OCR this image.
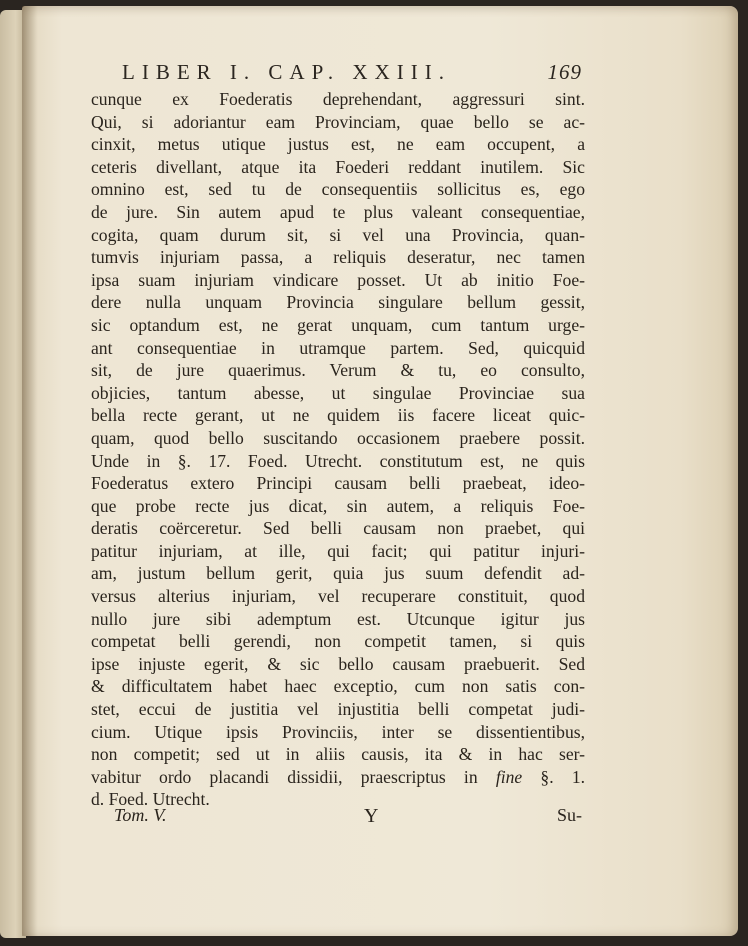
LIBER I. CAP. XXIII.	169
cunque ex Foederatis deprehendant, aggressuri sint.
Qui, si adoriantur eam Provinciam, quae bello se ac-
cinxit, metus utique justus est, ne eam occupent, a
ceteris divellant, atque ita Foederi reddant inutilem. Sic
omnino est, sed tu de consequentiis sollicitus es, ego
de jure. Sin autem apud te plus valeant consequentiae,
cogita, quam durum sit, si vel una Provincia, quan-
tumvis injuriam passa, a reliquis deseratur, nec tamen
ipsa suam injuriam vindicare posset. Ut ab initio Foe-
dere nulla unquam Provincia singulare bellum gessit,
sic optandum est, ne gerat unquam, cum tantum urge-
ant consequentiae in utramque partem. Sed, quicquid
sit, de jure quaerimus. Verum & tu, eo consulto,
objicies, tantum abesse, ut singulae Provinciae sua
bella recte gerant, ut ne quidem iis facere liceat quic-
quam, quod bello suscitando occasionem praebere possit.
Unde in §. 17. Foed. Utrecht. constitutum est, ne quis
Foederatus extero Principi causam belli praebeat, ideo-
que probe recte jus dicat, sin autem, a reliquis Foe-
deratis coërceretur. Sed belli causam non praebet, qui
patitur injuriam, at ille, qui facit; qui patitur injuri-
am, justum bellum gerit, quia jus suum defendit ad-
versus alterius injuriam, vel recuperare constituit, quod
nullo jure sibi ademptum est. Utcunque igitur jus
competat belli gerendi, non competit tamen, si quis
ipse injuste egerit, & sic bello causam praebuerit. Sed
& difficultatem habet haec exceptio, cum non satis con-
stet, eccui de justitia vel injustitia belli competat judi-
cium. Utique ipsis Provinciis, inter se dissentientibus,
non competit; sed ut in aliis causis, ita & in hac ser-
vabitur ordo placandi dissidii, praescriptus in fine §. 1.
d. Foed. Utrecht.
Tom. V.	Y	Su-
